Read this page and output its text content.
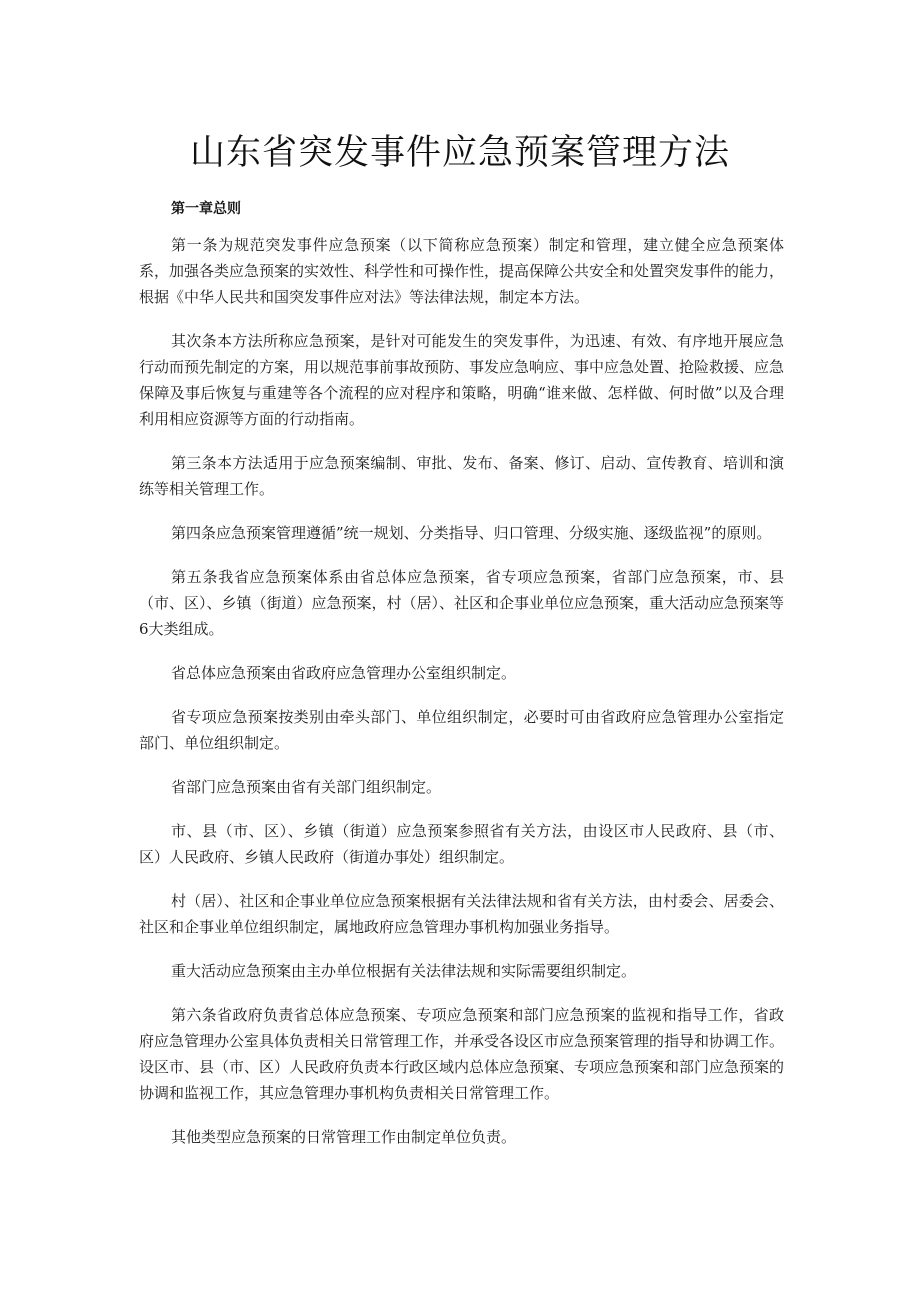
山东省突发事件应急预案管理方法

第一章总则

第一条为规范突发事件应急预案（以下简称应急预案）制定和管理，建立健全应急预案体系，加强各类应急预案的实效性、科学性和可操作性，提高保障公共安全和处置突发事件的能力，根据《中华人民共和国突发事件应对法》等法律法规，制定本方法。

其次条本方法所称应急预案，是针对可能发生的突发事件，为迅速、有效、有序地开展应急行动而预先制定的方案，用以规范事前事故预防、事发应急响应、事中应急处置、抢险救援、应急保障及事后恢复与重建等各个流程的应对程序和策略，明确“谁来做、怎样做、何时做”以及合理利用相应资源等方面的行动指南。

第三条本方法适用于应急预案编制、审批、发布、备案、修订、启动、宣传教育、培训和演练等相关管理工作。

第四条应急预案管理遵循”统一规划、分类指导、归口管理、分级实施、逐级监视”的原则。

第五条我省应急预案体系由省总体应急预案，省专项应急预案，省部门应急预案，市、县（市、区）、乡镇（街道）应急预案，村（居）、社区和企事业单位应急预案，重大活动应急预案等6大类组成。

省总体应急预案由省政府应急管理办公室组织制定。

省专项应急预案按类别由牵头部门、单位组织制定，必要时可由省政府应急管理办公室指定部门、单位组织制定。

省部门应急预案由省有关部门组织制定。

市、县（市、区）、乡镇（街道）应急预案参照省有关方法，由设区市人民政府、县（市、区）人民政府、乡镇人民政府（街道办事处）组织制定。

村（居）、社区和企事业单位应急预案根据有关法律法规和省有关方法，由村委会、居委会、社区和企事业单位组织制定，属地政府应急管理办事机构加强业务指导。

重大活动应急预案由主办单位根据有关法律法规和实际需要组织制定。

第六条省政府负责省总体应急预案、专项应急预案和部门应急预案的监视和指导工作，省政府应急管理办公室具体负责相关日常管理工作，并承受各设区市应急预案管理的指导和协调工作。设区市、县（市、区）人民政府负责本行政区域内总体应急预窠、专项应急预案和部门应急预案的协调和监视工作，其应急管理办事机构负责相关日常管理工作。

其他类型应急预案的日常管理工作由制定单位负责。
